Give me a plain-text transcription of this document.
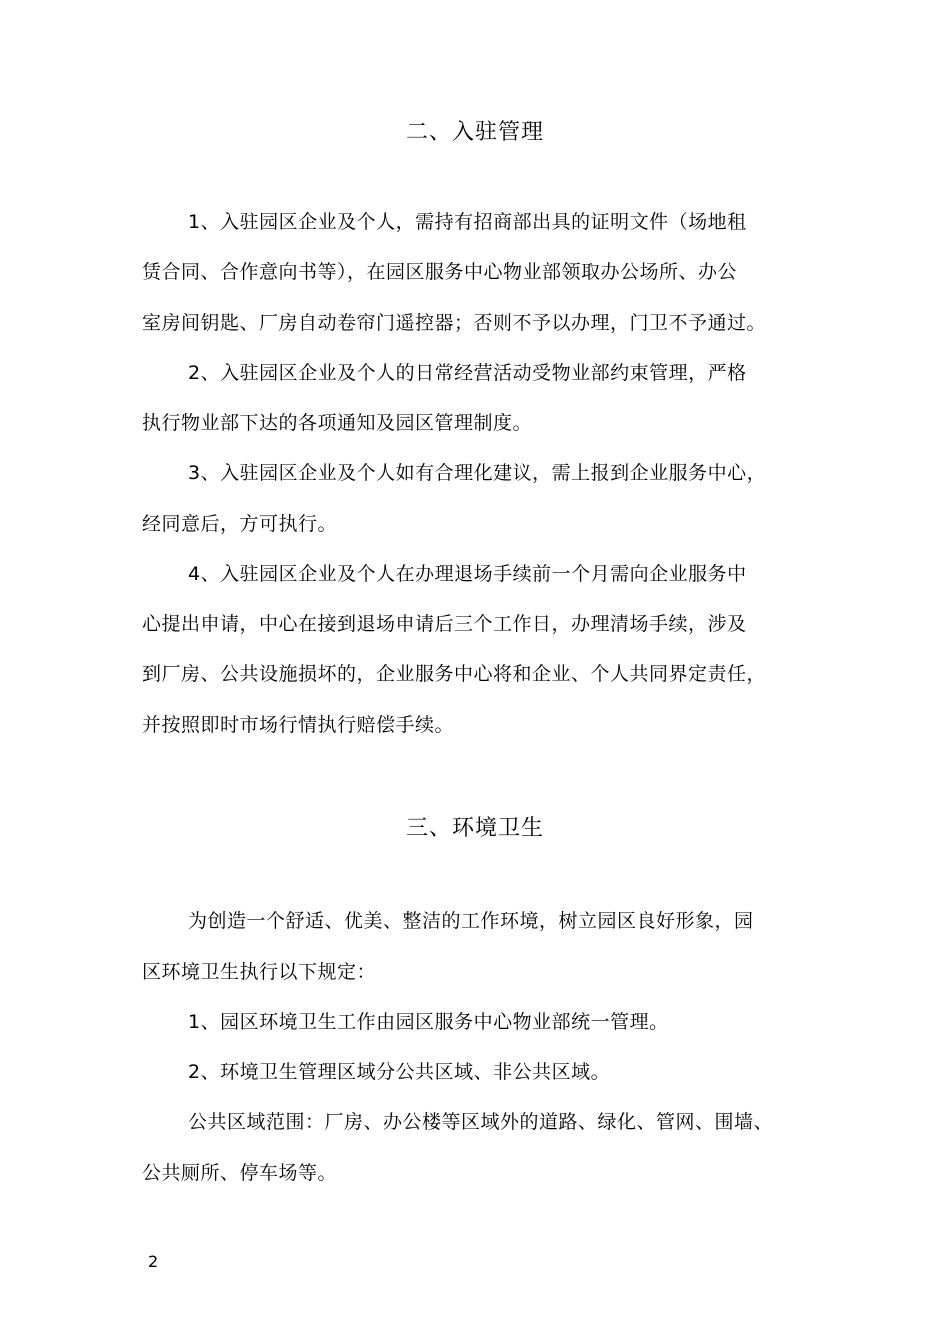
二、入驻管理
1、入驻园区企业及个人，需持有招商部出具的证明文件（场地租
赁合同、合作意向书等），在园区服务中心物业部领取办公场所、办公
室房间钥匙、厂房自动卷帘门遥控器；否则不予以办理，门卫不予通过。
2、入驻园区企业及个人的日常经营活动受物业部约束管理，严格
执行物业部下达的各项通知及园区管理制度。
3、入驻园区企业及个人如有合理化建议，需上报到企业服务中心，
经同意后，方可执行。
4、入驻园区企业及个人在办理退场手续前一个月需向企业服务中
心提出申请，中心在接到退场申请后三个工作日，办理清场手续，涉及
到厂房、公共设施损坏的，企业服务中心将和企业、个人共同界定责任，
并按照即时市场行情执行赔偿手续。
三、环境卫生
为创造一个舒适、优美、整洁的工作环境，树立园区良好形象，园
区环境卫生执行以下规定：
1、园区环境卫生工作由园区服务中心物业部统一管理。
2、环境卫生管理区域分公共区域、非公共区域。
公共区域范围：厂房、办公楼等区域外的道路、绿化、管网、围墙、
公共厕所、停车场等。
2
